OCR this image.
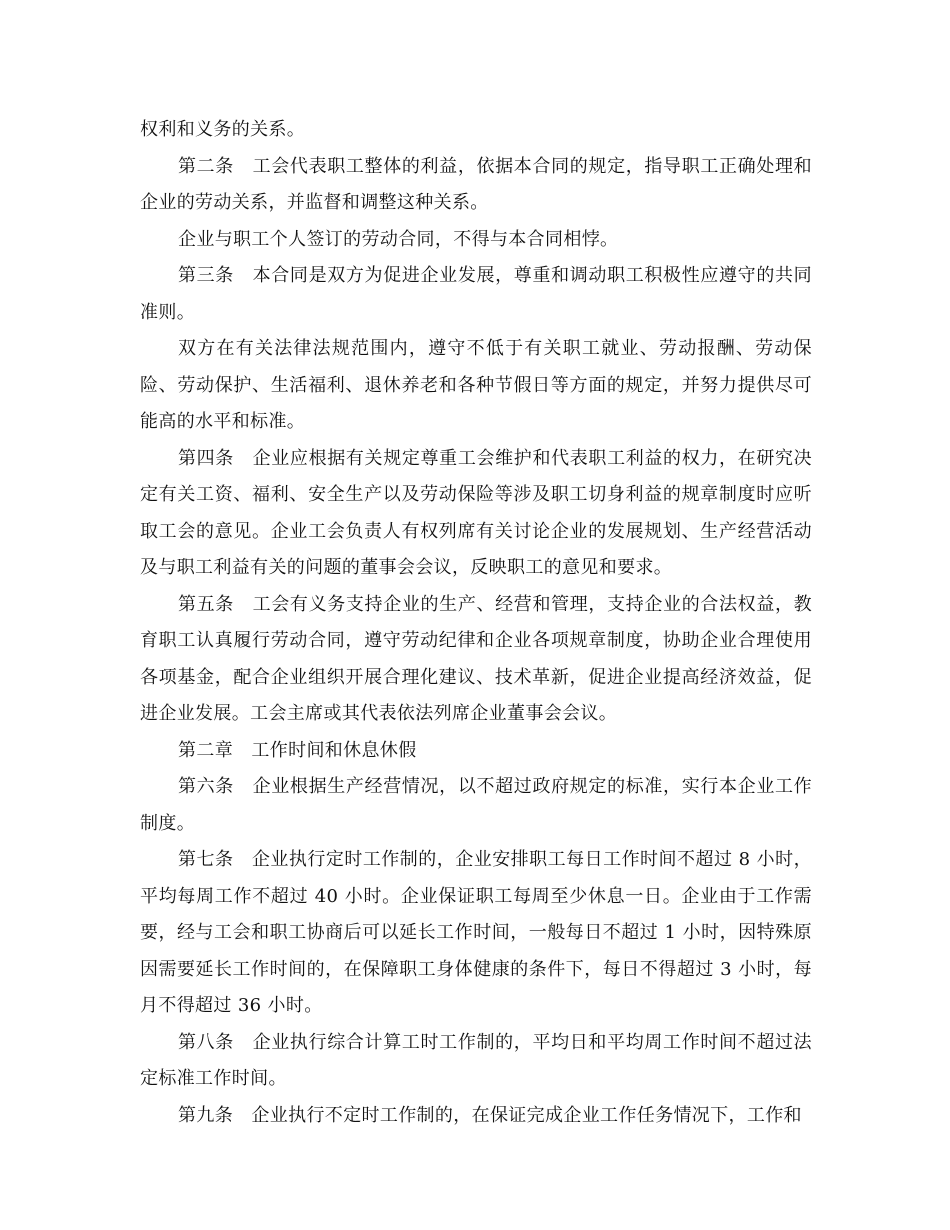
权利和义务的关系。

第二条　工会代表职工整体的利益，依据本合同的规定，指导职工正确处理和企业的劳动关系，并监督和调整这种关系。

企业与职工个人签订的劳动合同，不得与本合同相悖。

第三条　本合同是双方为促进企业发展，尊重和调动职工积极性应遵守的共同准则。

双方在有关法律法规范围内，遵守不低于有关职工就业、劳动报酬、劳动保险、劳动保护、生活福利、退休养老和各种节假日等方面的规定，并努力提供尽可能高的水平和标准。

第四条　企业应根据有关规定尊重工会维护和代表职工利益的权力，在研究决定有关工资、福利、安全生产以及劳动保险等涉及职工切身利益的规章制度时应听取工会的意见。企业工会负责人有权列席有关讨论企业的发展规划、生产经营活动及与职工利益有关的问题的董事会会议，反映职工的意见和要求。

第五条　工会有义务支持企业的生产、经营和管理，支持企业的合法权益，教育职工认真履行劳动合同，遵守劳动纪律和企业各项规章制度，协助企业合理使用各项基金，配合企业组织开展合理化建议、技术革新，促进企业提高经济效益，促进企业发展。工会主席或其代表依法列席企业董事会会议。

第二章　工作时间和休息休假

第六条　企业根据生产经营情况，以不超过政府规定的标准，实行本企业工作制度。

第七条　企业执行定时工作制的，企业安排职工每日工作时间不超过 8 小时，平均每周工作不超过 40 小时。企业保证职工每周至少休息一日。企业由于工作需要，经与工会和职工协商后可以延长工作时间，一般每日不超过 1 小时，因特殊原因需要延长工作时间的，在保障职工身体健康的条件下，每日不得超过 3 小时，每月不得超过 36 小时。

第八条　企业执行综合计算工时工作制的，平均日和平均周工作时间不超过法定标准工作时间。

第九条　企业执行不定时工作制的，在保证完成企业工作任务情况下，工作和
